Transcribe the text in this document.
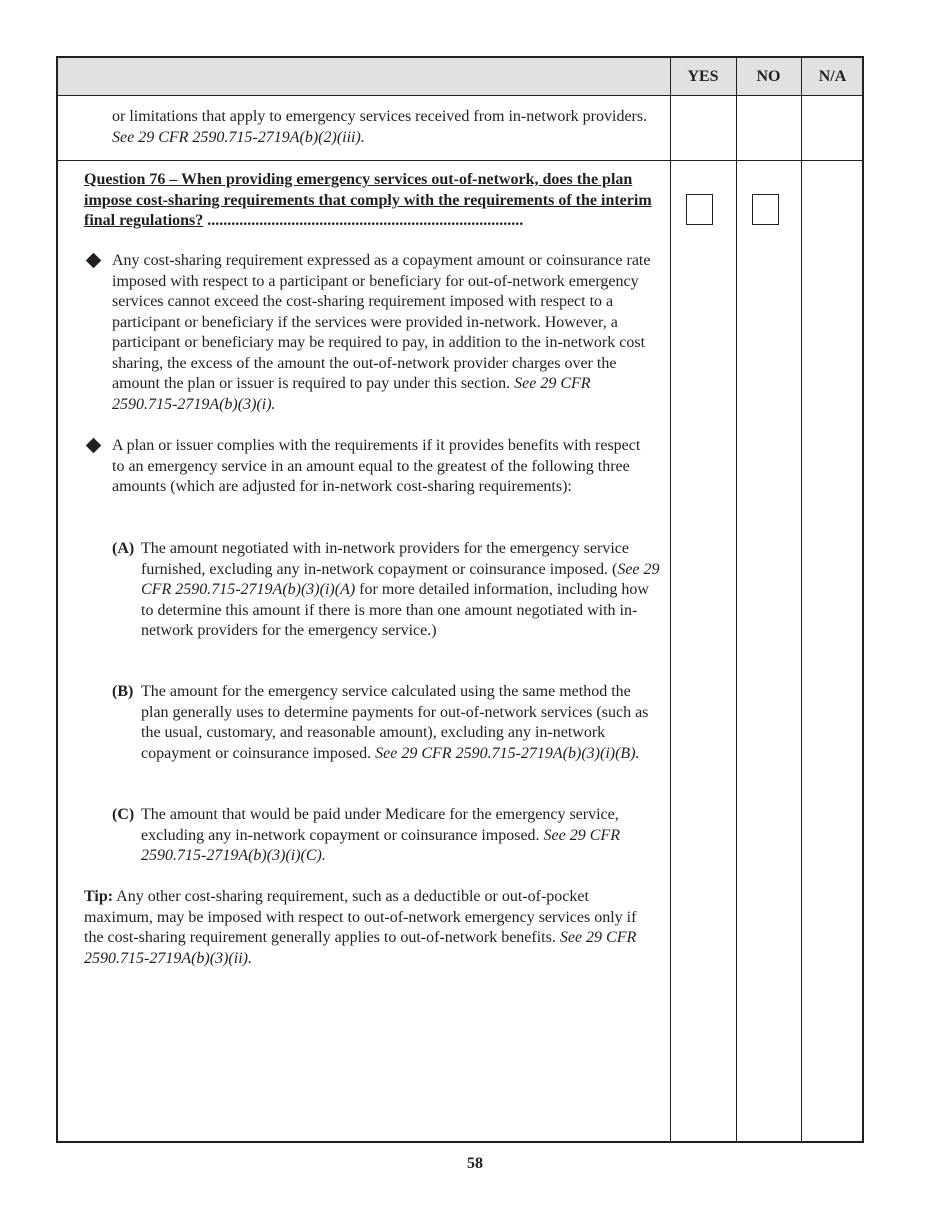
YES	NO	N/A
or limitations that apply to emergency services received from in-network providers. See 29 CFR 2590.715-2719A(b)(2)(iii).
Question 76 – When providing emergency services out-of-network, does the plan impose cost-sharing requirements that comply with the requirements of the interim final regulations? ...............................................................................
Any cost-sharing requirement expressed as a copayment amount or coinsurance rate imposed with respect to a participant or beneficiary for out-of-network emergency services cannot exceed the cost-sharing requirement imposed with respect to a participant or beneficiary if the services were provided in-network. However, a participant or beneficiary may be required to pay, in addition to the in-network cost sharing, the excess of the amount the out-of-network provider charges over the amount the plan or issuer is required to pay under this section. See 29 CFR 2590.715-2719A(b)(3)(i).
A plan or issuer complies with the requirements if it provides benefits with respect to an emergency service in an amount equal to the greatest of the following three amounts (which are adjusted for in-network cost-sharing requirements):
(A) The amount negotiated with in-network providers for the emergency service furnished, excluding any in-network copayment or coinsurance imposed. (See 29 CFR 2590.715-2719A(b)(3)(i)(A) for more detailed information, including how to determine this amount if there is more than one amount negotiated with in-network providers for the emergency service.)
(B) The amount for the emergency service calculated using the same method the plan generally uses to determine payments for out-of-network services (such as the usual, customary, and reasonable amount), excluding any in-network copayment or coinsurance imposed. See 29 CFR 2590.715-2719A(b)(3)(i)(B).
(C) The amount that would be paid under Medicare for the emergency service, excluding any in-network copayment or coinsurance imposed. See 29 CFR 2590.715-2719A(b)(3)(i)(C).
Tip: Any other cost-sharing requirement, such as a deductible or out-of-pocket maximum, may be imposed with respect to out-of-network emergency services only if the cost-sharing requirement generally applies to out-of-network benefits. See 29 CFR 2590.715-2719A(b)(3)(ii).
58
